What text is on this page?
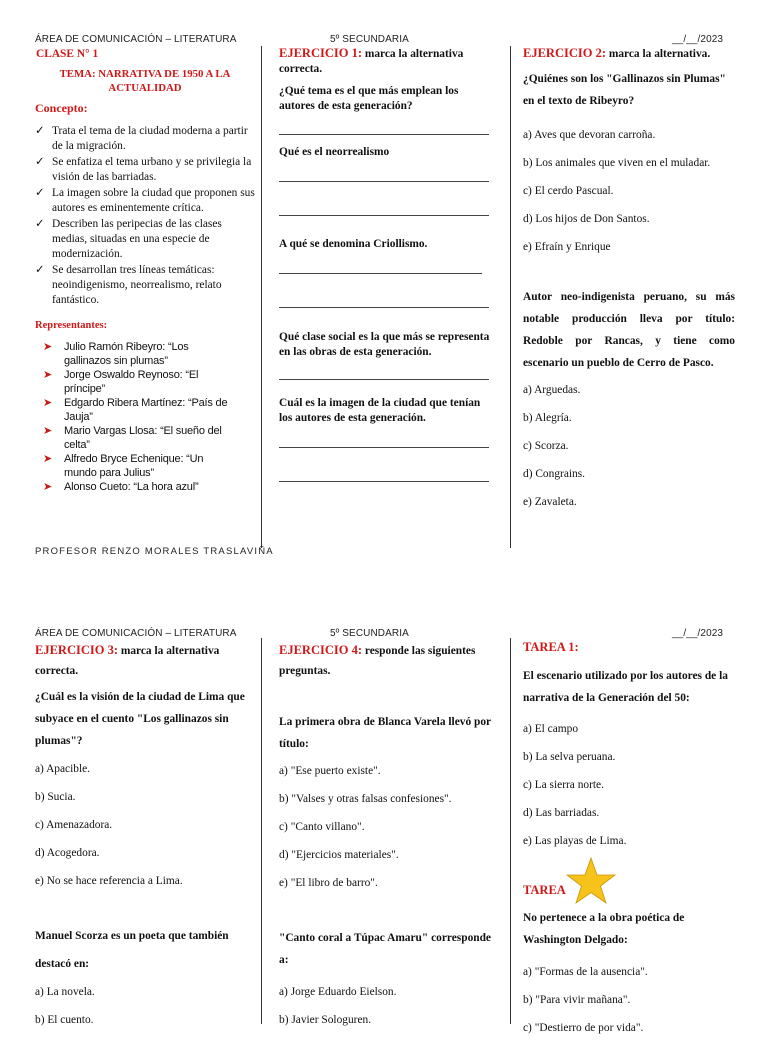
ÁREA DE COMUNICACIÓN – LITERATURA	5º SECUNDARIA	__/__/2023
CLASE N° 1
TEMA: NARRATIVA DE 1950 A LA ACTUALIDAD
Concepto:
✓ Trata el tema de la ciudad moderna a partir de la migración.
✓ Se enfatiza el tema urbano y se privilegia la visión de las barriadas.
✓ La imagen sobre la ciudad que proponen sus autores es eminentemente crítica.
✓ Describen las peripecias de las clases medias, situadas en una especie de modernización.
✓ Se desarrollan tres líneas temáticas: neoindigenismo, neorrealismo, relato fantástico.
Representantes:
➤ Julio Ramón Ribeyro: “Los gallinazos sin plumas”
➤ Jorge Oswaldo Reynoso: “El príncipe”
➤ Edgardo Ribera Martínez: “País de Jauja”
➤ Mario Vargas Llosa: “El sueño del celta”
➤ Alfredo Bryce Echenique: “Un mundo para Julius”
➤ Alonso Cueto: “La hora azul”
PROFESOR RENZO MORALES TRASLAVIÑA
EJERCICIO 1: marca la alternativa correcta.
¿Qué tema es el que más emplean los autores de esta generación?
Qué es el neorrealismo
A qué se denomina Criollismo.
Qué clase social es la que más se representa en las obras de esta generación.
Cuál es la imagen de la ciudad que tenían los autores de esta generación.
EJERCICIO 2: marca la alternativa.
¿Quiénes son los "Gallinazos sin Plumas" en el texto de Ribeyro?
a) Aves que devoran carroña.
b) Los animales que viven en el muladar.
c) El cerdo Pascual.
d) Los hijos de Don Santos.
e) Efraín y Enrique
Autor neo-indigenista peruano, su más notable producción lleva por título: Redoble por Rancas, y tiene como escenario un pueblo de Cerro de Pasco.
a) Arguedas.
b) Alegría.
c) Scorza.
d) Congrains.
e) Zavaleta.
ÁREA DE COMUNICACIÓN – LITERATURA	5º SECUNDARIA	__/__/2023
EJERCICIO 3: marca la alternativa correcta.
¿Cuál es la visión de la ciudad de Lima que subyace en el cuento "Los gallinazos sin plumas"?
a) Apacible.
b) Sucia.
c) Amenazadora.
d) Acogedora.
e) No se hace referencia a Lima.
Manuel Scorza es un poeta que también destacó en:
a) La novela.
b) El cuento.
EJERCICIO 4: responde las siguientes preguntas.
La primera obra de Blanca Varela llevó por título:
a) "Ese puerto existe".
b) "Valses y otras falsas confesiones".
c) "Canto villano".
d) "Ejercicios materiales".
e) "El libro de barro".
"Canto coral a Túpac Amaru" corresponde a:
a) Jorge Eduardo Eielson.
b) Javier Sologuren.
TAREA 1:
El escenario utilizado por los autores de la narrativa de la Generación del 50:
a) El campo
b) La selva peruana.
c) La sierra norte.
d) Las barriadas.
e) Las playas de Lima.
TAREA
No pertenece a la obra poética de Washington Delgado:
a) "Formas de la ausencia".
b) "Para vivir mañana".
c) "Destierro de por vida".
